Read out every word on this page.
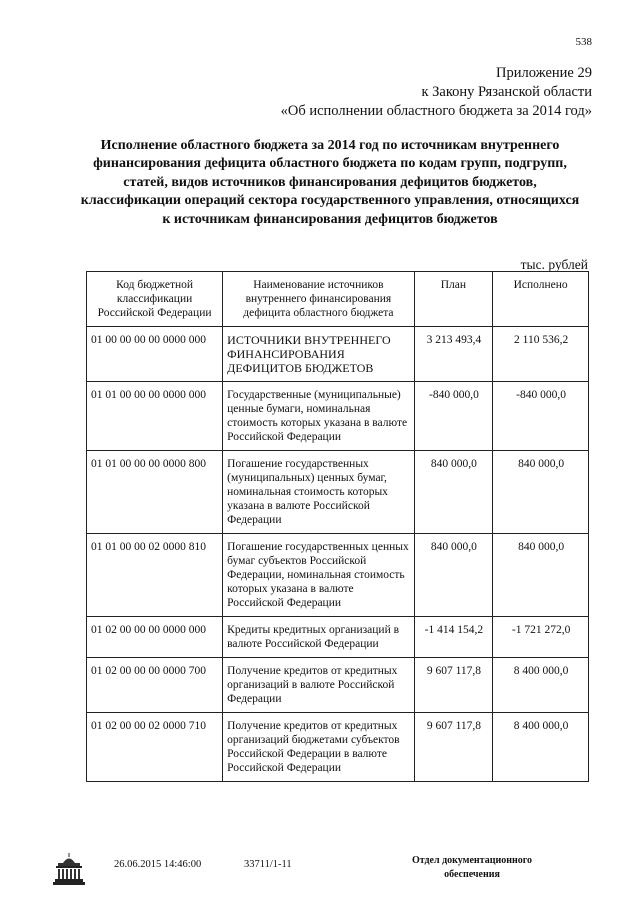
538
Приложение 29
к Закону Рязанской области
«Об исполнении областного бюджета за 2014 год»
Исполнение областного бюджета за 2014 год по источникам внутреннего финансирования дефицита областного бюджета по кодам групп, подгрупп, статей, видов источников финансирования дефицитов бюджетов, классификации операций сектора государственного управления, относящихся к источникам финансирования дефицитов бюджетов
тыс. рублей
Код бюджетной классификации Российской Федерации	Наименование источников внутреннего финансирования дефицита областного бюджета	План	Исполнено
01 00 00 00 00 0000 000	ИСТОЧНИКИ ВНУТРЕННЕГО ФИНАНСИРОВАНИЯ ДЕФИЦИТОВ БЮДЖЕТОВ	3 213 493,4	2 110 536,2
01 01 00 00 00 0000 000	Государственные (муниципальные) ценные бумаги, номинальная стоимость которых указана в валюте Российской Федерации	-840 000,0	-840 000,0
01 01 00 00 00 0000 800	Погашение государственных (муниципальных) ценных бумаг, номинальная стоимость которых указана в валюте Российской Федерации	840 000,0	840 000,0
01 01 00 00 02 0000 810	Погашение государственных ценных бумаг субъектов Российской Федерации, номинальная стоимость которых указана в валюте Российской Федерации	840 000,0	840 000,0
01 02 00 00 00 0000 000	Кредиты кредитных организаций в валюте Российской Федерации	-1 414 154,2	-1 721 272,0
01 02 00 00 00 0000 700	Получение кредитов от кредитных организаций в валюте Российской Федерации	9 607 117,8	8 400 000,0
01 02 00 00 02 0000 710	Получение кредитов от кредитных организаций бюджетами субъектов Российской Федерации в валюте Российской Федерации	9 607 117,8	8 400 000,0
26.06.2015 14:46:00	33711/1-11	Отдел документационного обеспечения
